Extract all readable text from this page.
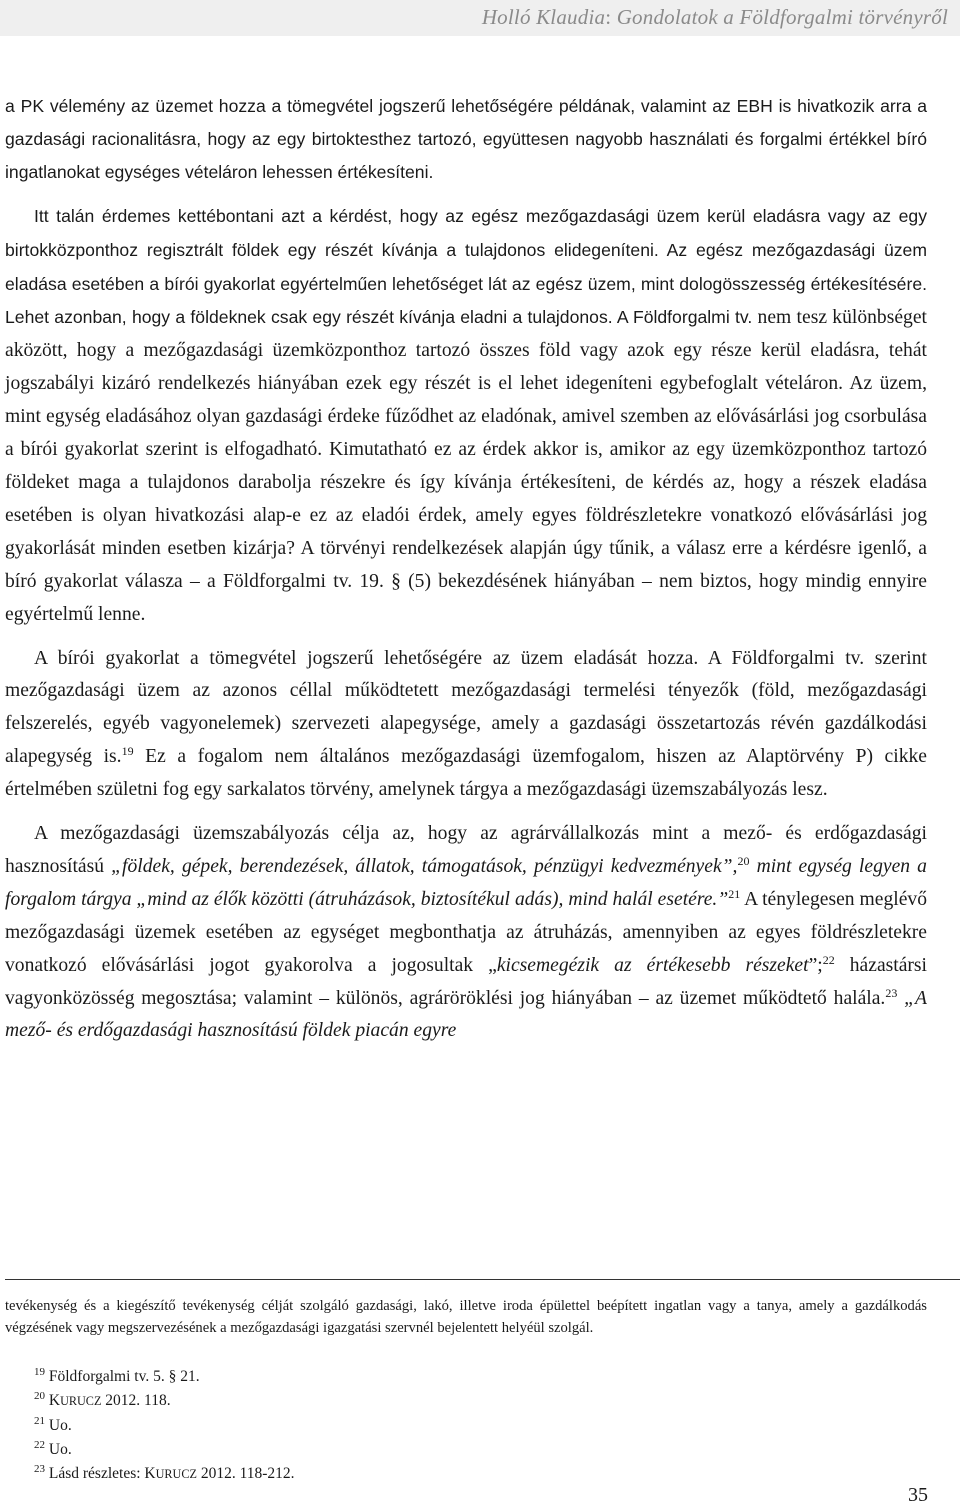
Holló Klaudia: Gondolatok a Földforgalmi törvényről

a PK vélemény az üzemet hozza a tömegvétel jogszerű lehetőségére példának, valamint az EBH is hivatkozik arra a gazdasági racionalitásra, hogy az egy birtoktesthez tartozó, együttesen nagyobb használati és forgalmi értékkel bíró ingatlanokat egységes vételáron lehessen értékesíteni.

Itt talán érdemes kettébontani azt a kérdést, hogy az egész mezőgazdasági üzem kerül eladásra vagy az egy birtokközponthoz regisztrált földek egy részét kívánja a tulajdonos elidegeníteni. Az egész mezőgazdasági üzem eladása esetében a bírói gyakorlat egyértelműen lehetőséget lát az egész üzem, mint dologösszesség értékesítésére. Lehet azonban, hogy a földeknek csak egy részét kívánja eladni a tulajdonos. A Földforgalmi tv. nem tesz különbséget aközött, hogy a mezőgazdasági üzemközponthoz tartozó összes föld vagy azok egy része kerül eladásra, tehát jogszabályi kizáró rendelkezés hiányában ezek egy részét is el lehet idegeníteni egybefoglalt vételáron. Az üzem, mint egység eladásához olyan gazdasági érdeke fűződhet az eladónak, amivel szemben az elővásárlási jog csorbulása a bírói gyakorlat szerint is elfogadható. Kimutatható ez az érdek akkor is, amikor az egy üzemközponthoz tartozó földeket maga a tulajdonos darabolja részekre és így kívánja értékesíteni, de kérdés az, hogy a részek eladása esetében is olyan hivatkozási alap-e ez az eladói érdek, amely egyes földrészletekre vonatkozó elővásárlási jog gyakorlását minden esetben kizárja? A törvényi rendelkezések alapján úgy tűnik, a válasz erre a kérdésre igenlő, a bíró gyakorlat válasza – a Földforgalmi tv. 19. § (5) bekezdésének hiányában – nem biztos, hogy mindig ennyire egyértelmű lenne.

A bírói gyakorlat a tömegvétel jogszerű lehetőségére az üzem eladását hozza. A Földforgalmi tv. szerint mezőgazdasági üzem az azonos céllal működtetett mezőgazdasági termelési tényezők (föld, mezőgazdasági felszerelés, egyéb vagyonelemek) szervezeti alapegysége, amely a gazdasági összetartozás révén gazdálkodási alapegység is.$^{19}$ Ez a fogalom nem általános mezőgazdasági üzemfogalom, hiszen az Alaptörvény P) cikke értelmében születni fog egy sarkalatos törvény, amelynek tárgya a mezőgazdasági üzemszabályozás lesz.

A mezőgazdasági üzemszabályozás célja az, hogy az agrárvállalkozás mint a mező- és erdőgazdasági hasznosítású „földek, gépek, berendezések, állatok, támogatások, pénzügyi kedvezmények”,$^{20}$ mint egység legyen a forgalom tárgya „mind az élők közötti (átruházások, biztosítékul adás), mind halál esetére.”$^{21}$ A ténylegesen meglévő mezőgazdasági üzemek esetében az egységet megbonthatja az átruházás, amennyiben az egyes földrészletekre vonatkozó elővásárlási jogot gyakorolva a jogosultak „kicsemegézik az értékesebb részeket”;$^{22}$ házastársi vagyonközösség megosztása; valamint – különös, agrárörökl​ési jog hiányában – az üzemet működtető halála.$^{23}$ „A mező- és erdőgazdasági hasznosítású földek piacán egyre

tevékenység és a kiegészítő tevékenység célját szolgáló gazdasági, lakó, illetve iroda épülettel beépített ingatlan vagy a tanya, amely a gazdálkodás végzésének vagy megszervezésének a mezőgazdasági igazgatási szervnél bejelentett helyéül szolgál.

$^{19}$ Földforgalmi tv. 5. § 21.
$^{20}$ KURUCZ 2012. 118.
$^{21}$ Uo.
$^{22}$ Uo.
$^{23}$ Lásd részletes: KURUCZ 2012. 118-212.
35
